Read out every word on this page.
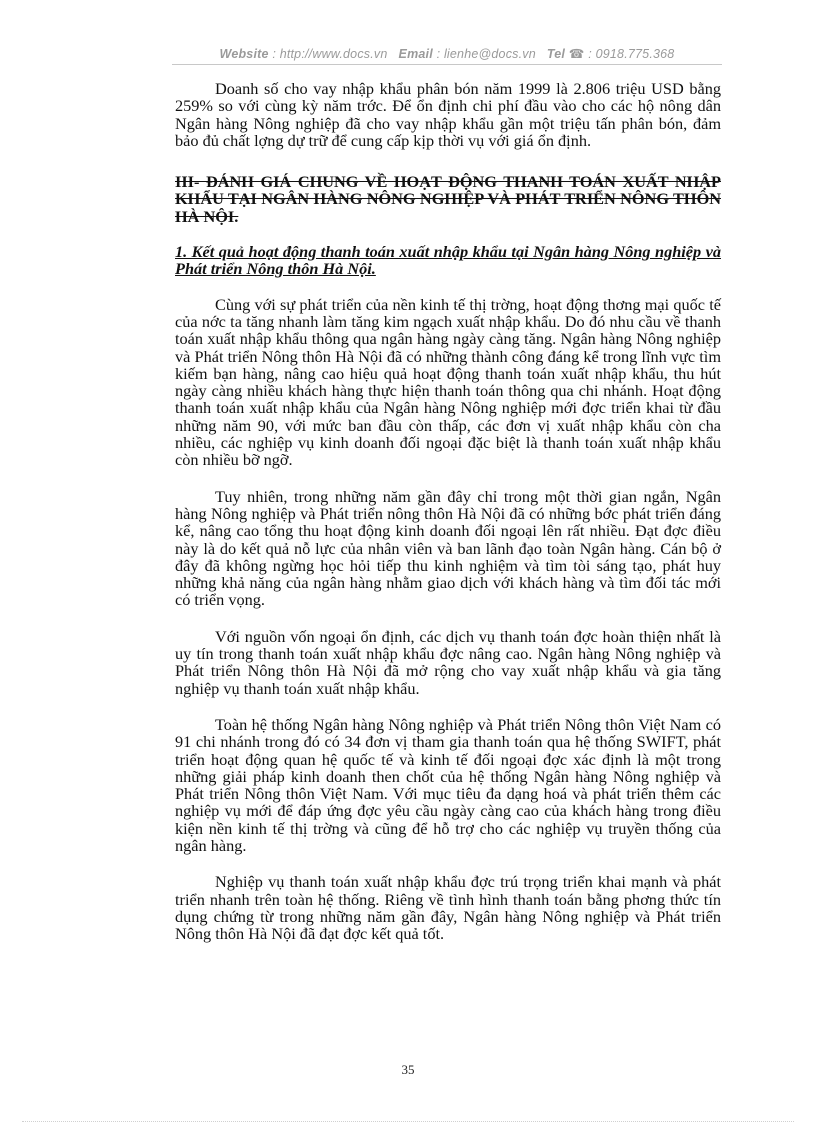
Website : http://www.docs.vn Email : lienhe@docs.vn Tel ☎ : 0918.775.368

Doanh số cho vay nhập khẩu phân bón năm 1999 là 2.806 triệu USD bằng 259% so với cùng kỳ năm trớc. Để ổn định chi phí đầu vào cho các hộ nông dân Ngân hàng Nông nghiệp đã cho vay nhập khẩu gần một triệu tấn phân bón, đảm bảo đủ chất lợng dự trữ để cung cấp kịp thời vụ với giá ổn định.

III- ĐÁNH GIÁ CHUNG VỀ HOẠT ĐỘNG THANH TOÁN XUẤT NHẬP KHẨU TẠI NGÂN HÀNG NÔNG NGHIỆP VÀ PHÁT TRIỂN NÔNG THÔN HÀ NỘI.

1. Kết quả hoạt động thanh toán xuất nhập khẩu tại Ngân hàng Nông nghiệp và Phát triển Nông thôn Hà Nội.

Cùng với sự phát triển của nền kinh tế thị trờng, hoạt động thơng mại quốc tế của nớc ta tăng nhanh làm tăng kim ngạch xuất nhập khẩu. Do đó nhu cầu về thanh toán xuất nhập khẩu thông qua ngân hàng ngày càng tăng. Ngân hàng Nông nghiệp và Phát triển Nông thôn Hà Nội đã có những thành công đáng kể trong lĩnh vực tìm kiếm bạn hàng, nâng cao hiệu quả hoạt động thanh toán xuất nhập khẩu, thu hút ngày càng nhiều khách hàng thực hiện thanh toán thông qua chi nhánh. Hoạt động thanh toán xuất nhập khẩu của Ngân hàng Nông nghiệp mới đợc triển khai từ đầu những năm 90, với mức ban đầu còn thấp, các đơn vị xuất nhập khẩu còn cha nhiều, các nghiệp vụ kinh doanh đối ngoại đặc biệt là thanh toán xuất nhập khẩu còn nhiều bỡ ngỡ.

Tuy nhiên, trong những năm gần đây chỉ trong một thời gian ngắn, Ngân hàng Nông nghiệp và Phát triển nông thôn Hà Nội đã có những bớc phát triển đáng kể, nâng cao tổng thu hoạt động kinh doanh đối ngoại lên rất nhiều. Đạt đợc điều này là do kết quả nỗ lực của nhân viên và ban lãnh đạo toàn Ngân hàng. Cán bộ ở đây đã không ngừng học hỏi tiếp thu kinh nghiệm và tìm tòi sáng tạo, phát huy những khả năng của ngân hàng nhằm giao dịch với khách hàng và tìm đối tác mới có triển vọng.

Với nguồn vốn ngoại ổn định, các dịch vụ thanh toán đợc hoàn thiện nhất là uy tín trong thanh toán xuất nhập khẩu đợc nâng cao. Ngân hàng Nông nghiệp và Phát triển Nông thôn Hà Nội đã mở rộng cho vay xuất nhập khẩu và gia tăng nghiệp vụ thanh toán xuất nhập khẩu.

Toàn hệ thống Ngân hàng Nông nghiệp và Phát triển Nông thôn Việt Nam có 91 chi nhánh trong đó có 34 đơn vị tham gia thanh toán qua hệ thống SWIFT, phát triển hoạt động quan hệ quốc tế và kinh tế đối ngoại đợc xác định là một trong những giải pháp kinh doanh then chốt của hệ thống Ngân hàng Nông nghiệp và Phát triển Nông thôn Việt Nam. Với mục tiêu đa dạng hoá và phát triển thêm các nghiệp vụ mới để đáp ứng đợc yêu cầu ngày càng cao của khách hàng trong điều kiện nền kinh tế thị trờng và cũng để hỗ trợ cho các nghiệp vụ truyền thống của ngân hàng.

Nghiệp vụ thanh toán xuất nhập khẩu đợc trú trọng triển khai mạnh và phát triển nhanh trên toàn hệ thống. Riêng về tình hình thanh toán bằng phơng thức tín dụng chứng từ trong những năm gần đây, Ngân hàng Nông nghiệp và Phát triển Nông thôn Hà Nội đã đạt đợc kết quả tốt.

35
